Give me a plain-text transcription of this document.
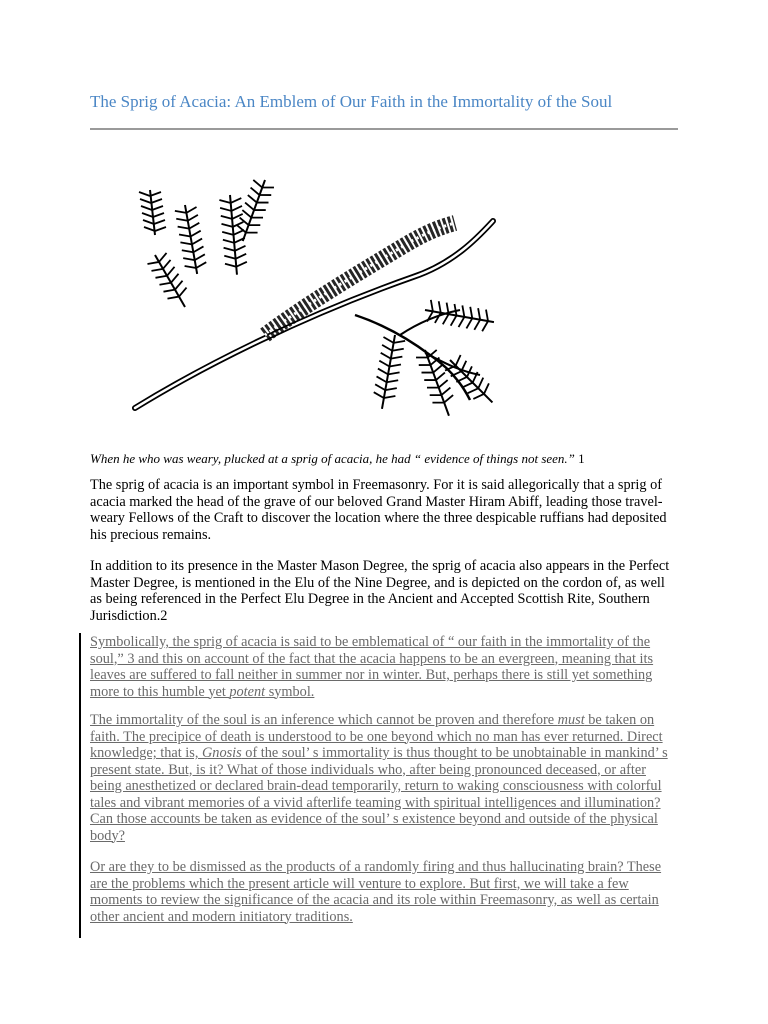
The Sprig of Acacia: An Emblem of Our Faith in the Immortality of the Soul
When he who was weary, plucked at a sprig of acacia, he had “ evidence of things not seen.” 1
The sprig of acacia is an important symbol in Freemasonry. For it is said allegorically that a sprig of acacia marked the head of the grave of our beloved Grand Master Hiram Abiff, leading those travel-weary Fellows of the Craft to discover the location where the three despicable ruffians had deposited his precious remains.
In addition to its presence in the Master Mason Degree, the sprig of acacia also appears in the Perfect Master Degree, is mentioned in the Elu of the Nine Degree, and is depicted on the cordon of, as well as being referenced in the Perfect Elu Degree in the Ancient and Accepted Scottish Rite, Southern Jurisdiction.2
Symbolically, the sprig of acacia is said to be emblematical of “ our faith in the immortality of the soul,” 3 and this on account of the fact that the acacia happens to be an evergreen, meaning that its leaves are suffered to fall neither in summer nor in winter. But, perhaps there is still yet something more to this humble yet potent symbol.
The immortality of the soul is an inference which cannot be proven and therefore must be taken on faith. The precipice of death is understood to be one beyond which no man has ever returned. Direct knowledge; that is, Gnosis of the soul’ s immortality is thus thought to be unobtainable in mankind’ s present state. But, is it? What of those individuals who, after being pronounced deceased, or after being anesthetized or declared brain-dead temporarily, return to waking consciousness with colorful tales and vibrant memories of a vivid afterlife teaming with spiritual intelligences and illumination? Can those accounts be taken as evidence of the soul’ s existence beyond and outside of the physical body?
Or are they to be dismissed as the products of a randomly firing and thus hallucinating brain? These are the problems which the present article will venture to explore. But first, we will take a few moments to review the significance of the acacia and its role within Freemasonry, as well as certain other ancient and modern initiatory traditions.
